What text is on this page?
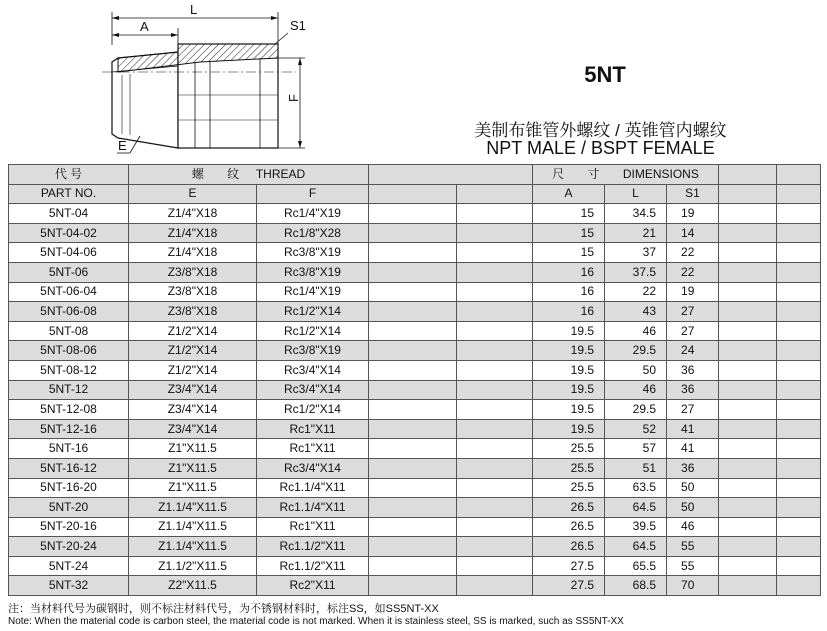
L
A	S1
F
E
5NT
美制布锥管外螺纹 / 英锥管内螺纹
NPT MALE / BSPT FEMALE
代 号	螺 纹 THREAD				尺 寸 DIMENSIONS				
PART NO.	E	F			A	L	S1		
5NT-04	Z1/4"X18	Rc1/4"X19			15	34.5	19		
5NT-04-02	Z1/4"X18	Rc1/8"X28			15	21	14		
5NT-04-06	Z1/4"X18	Rc3/8"X19			15	37	22		
5NT-06	Z3/8"X18	Rc3/8"X19			16	37.5	22		
5NT-06-04	Z3/8"X18	Rc1/4"X19			16	22	19		
5NT-06-08	Z3/8"X18	Rc1/2"X14			16	43	27		
5NT-08	Z1/2"X14	Rc1/2"X14			19.5	46	27		
5NT-08-06	Z1/2"X14	Rc3/8"X19			19.5	29.5	24		
5NT-08-12	Z1/2"X14	Rc3/4"X14			19.5	50	36		
5NT-12	Z3/4"X14	Rc3/4"X14			19.5	46	36		
5NT-12-08	Z3/4"X14	Rc1/2"X14			19.5	29.5	27		
5NT-12-16	Z3/4"X14	Rc1"X11			19.5	52	41		
5NT-16	Z1"X11.5	Rc1"X11			25.5	57	41		
5NT-16-12	Z1"X11.5	Rc3/4"X14			25.5	51	36		
5NT-16-20	Z1"X11.5	Rc1.1/4"X11			25.5	63.5	50		
5NT-20	Z1.1/4"X11.5	Rc1.1/4"X11			26.5	64.5	50		
5NT-20-16	Z1.1/4"X11.5	Rc1"X11			26.5	39.5	46		
5NT-20-24	Z1.1/4"X11.5	Rc1.1/2"X11			26.5	64.5	55		
5NT-24	Z1.1/2"X11.5	Rc1.1/2"X11			27.5	65.5	55		
5NT-32	Z2"X11.5	Rc2"X11			27.5	68.5	70		
注：当材料代号为碳钢时，则不标注材料代号，为不锈钢材料时，标注SS，如SS5NT-XX
Note: When the material code is carbon steel, the material code is not marked. When it is stainless steel, SS is marked, such as SS5NT-XX
